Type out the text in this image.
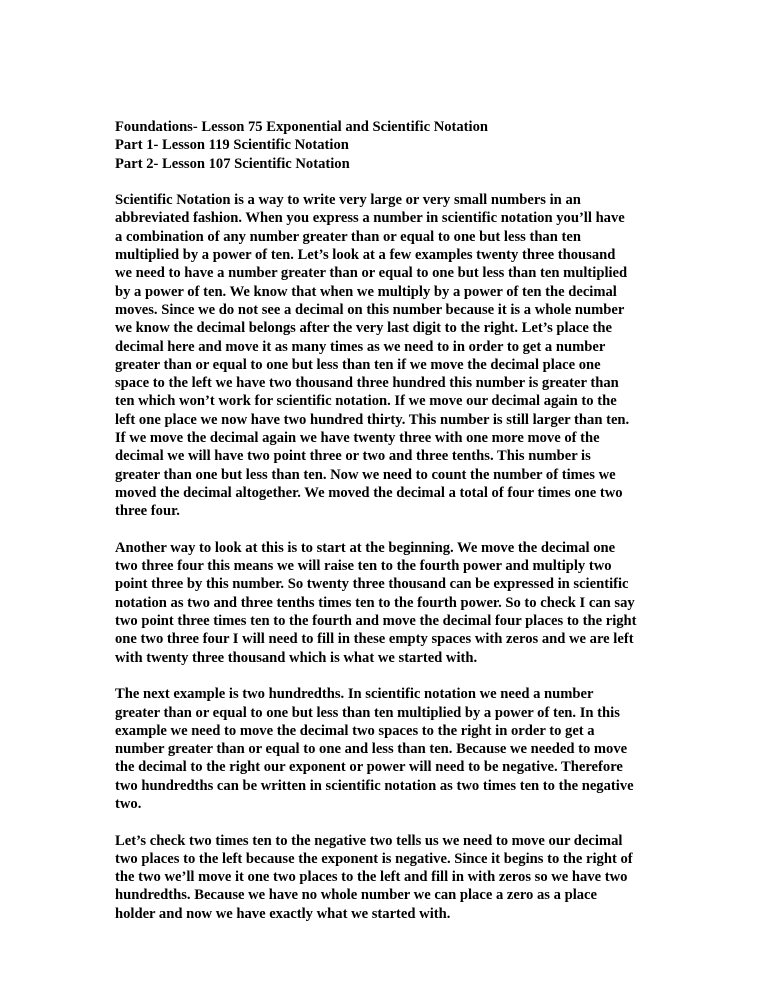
Foundations- Lesson 75 Exponential and Scientific Notation
Part 1- Lesson 119 Scientific Notation
Part 2- Lesson 107 Scientific Notation

Scientific Notation is a way to write very large or very small numbers in an
abbreviated fashion. When you express a number in scientific notation you’ll have
a combination of any number greater than or equal to one but less than ten
multiplied by a power of ten. Let’s look at a few examples twenty three thousand
we need to have a number greater than or equal to one but less than ten multiplied
by a power of ten. We know that when we multiply by a power of ten the decimal
moves. Since we do not see a decimal on this number because it is a whole number
we know the decimal belongs after the very last digit to the right. Let’s place the
decimal here and move it as many times as we need to in order to get a number
greater than or equal to one but less than ten if we move the decimal place one
space to the left we have two thousand three hundred this number is greater than
ten which won’t work for scientific notation. If we move our decimal again to the
left one place we now have two hundred thirty. This number is still larger than ten.
If we move the decimal again we have twenty three with one more move of the
decimal we will have two point three or two and three tenths. This number is
greater than one but less than ten. Now we need to count the number of times we
moved the decimal altogether. We moved the decimal a total of four times one two
three four.

Another way to look at this is to start at the beginning. We move the decimal one
two three four this means we will raise ten to the fourth power and multiply two
point three by this number. So twenty three thousand can be expressed in scientific
notation as two and three tenths times ten to the fourth power. So to check I can say
two point three times ten to the fourth and move the decimal four places to the right
one two three four I will need to fill in these empty spaces with zeros and we are left
with twenty three thousand which is what we started with.

The next example is two hundredths. In scientific notation we need a number
greater than or equal to one but less than ten multiplied by a power of ten. In this
example we need to move the decimal two spaces to the right in order to get a
number greater than or equal to one and less than ten. Because we needed to move
the decimal to the right our exponent or power will need to be negative. Therefore
two hundredths can be written in scientific notation as two times ten to the negative
two.

Let’s check two times ten to the negative two tells us we need to move our decimal
two places to the left because the exponent is negative. Since it begins to the right of
the two we’ll move it one two places to the left and fill in with zeros so we have two
hundredths. Because we have no whole number we can place a zero as a place
holder and now we have exactly what we started with.
